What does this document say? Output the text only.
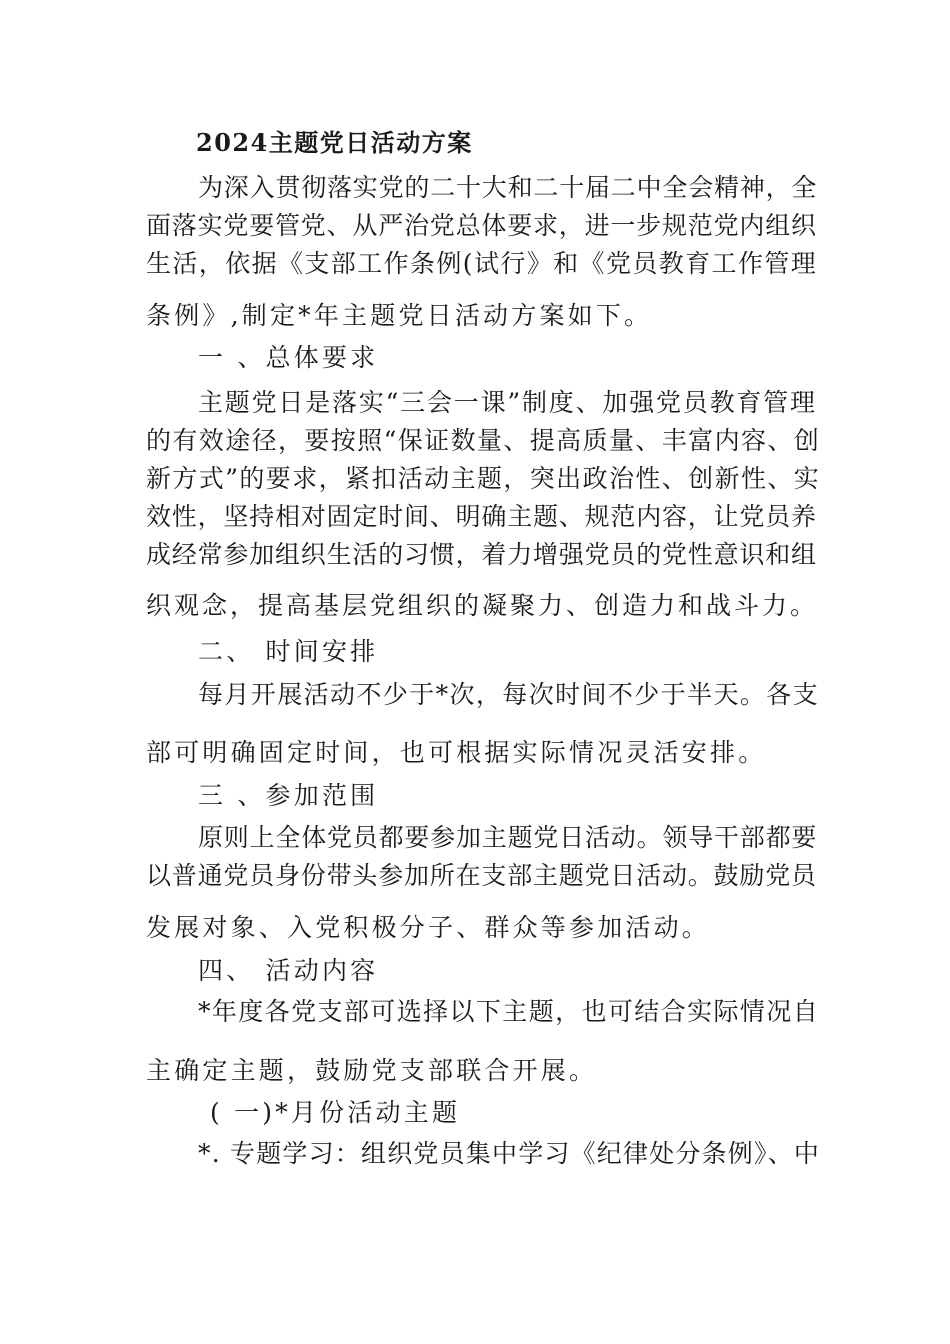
2024主题党日活动方案
为深入贯彻落实党的二十大和二十届二中全会精神，全
面落实党要管党、从严治党总体要求，进一步规范党内组织
生活，依据《支部工作条例(试行》和《党员教育工作管理
条例》,制定*年主题党日活动方案如下。
一 、总体要求
主题党日是落实“三会一课”制度、加强党员教育管理
的有效途径，要按照“保证数量、提高质量、丰富内容、创
新方式”的要求，紧扣活动主题，突出政治性、创新性、实
效性，坚持相对固定时间、明确主题、规范内容，让党员养
成经常参加组织生活的习惯，着力增强党员的党性意识和组
织观念，提高基层党组织的凝聚力、创造力和战斗力。
二、 时间安排
每月开展活动不少于*次，每次时间不少于半天。各支
部可明确固定时间，也可根据实际情况灵活安排。
三 、参加范围
原则上全体党员都要参加主题党日活动。领导干部都要
以普通党员身份带头参加所在支部主题党日活动。鼓励党员
发展对象、入党积极分子、群众等参加活动。
四、 活动内容
*年度各党支部可选择以下主题，也可结合实际情况自
主确定主题，鼓励党支部联合开展。
( 一)*月份活动主题
*. 专题学习：组织党员集中学习《纪律处分条例》、中
